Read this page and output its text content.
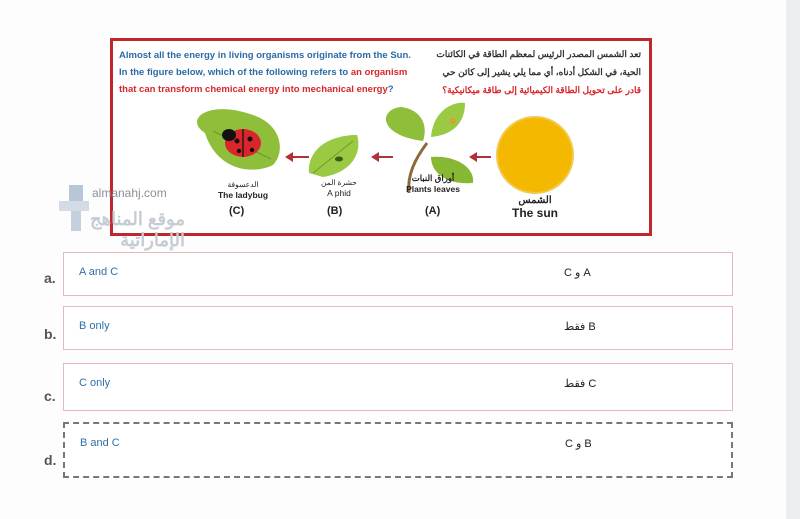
Almost all the energy in living organisms originate from the Sun.
In the figure below, which of the following refers to an organism
that can transform chemical energy into mechanical energy?
تعد الشمس المصدر الرئيس لمعظم الطاقة في الكائنات
الحية، في الشكل أدناه، أي مما يلي يشير إلى كائن حي
قادر على تحويل الطاقة الكيميائية إلى طاقة ميكانيكية؟
الدعسوقة
The ladybug
(C)
حشرة المن
A phid
(B)
أوراق النبات
Plants leaves
(A)
الشمس
The sun
almanahj.com
موقع المناهج الإماراتية
a. A and C	A و C
b. B only	B فقط
c.
C only	C فقط
d.
B and C	B و C
